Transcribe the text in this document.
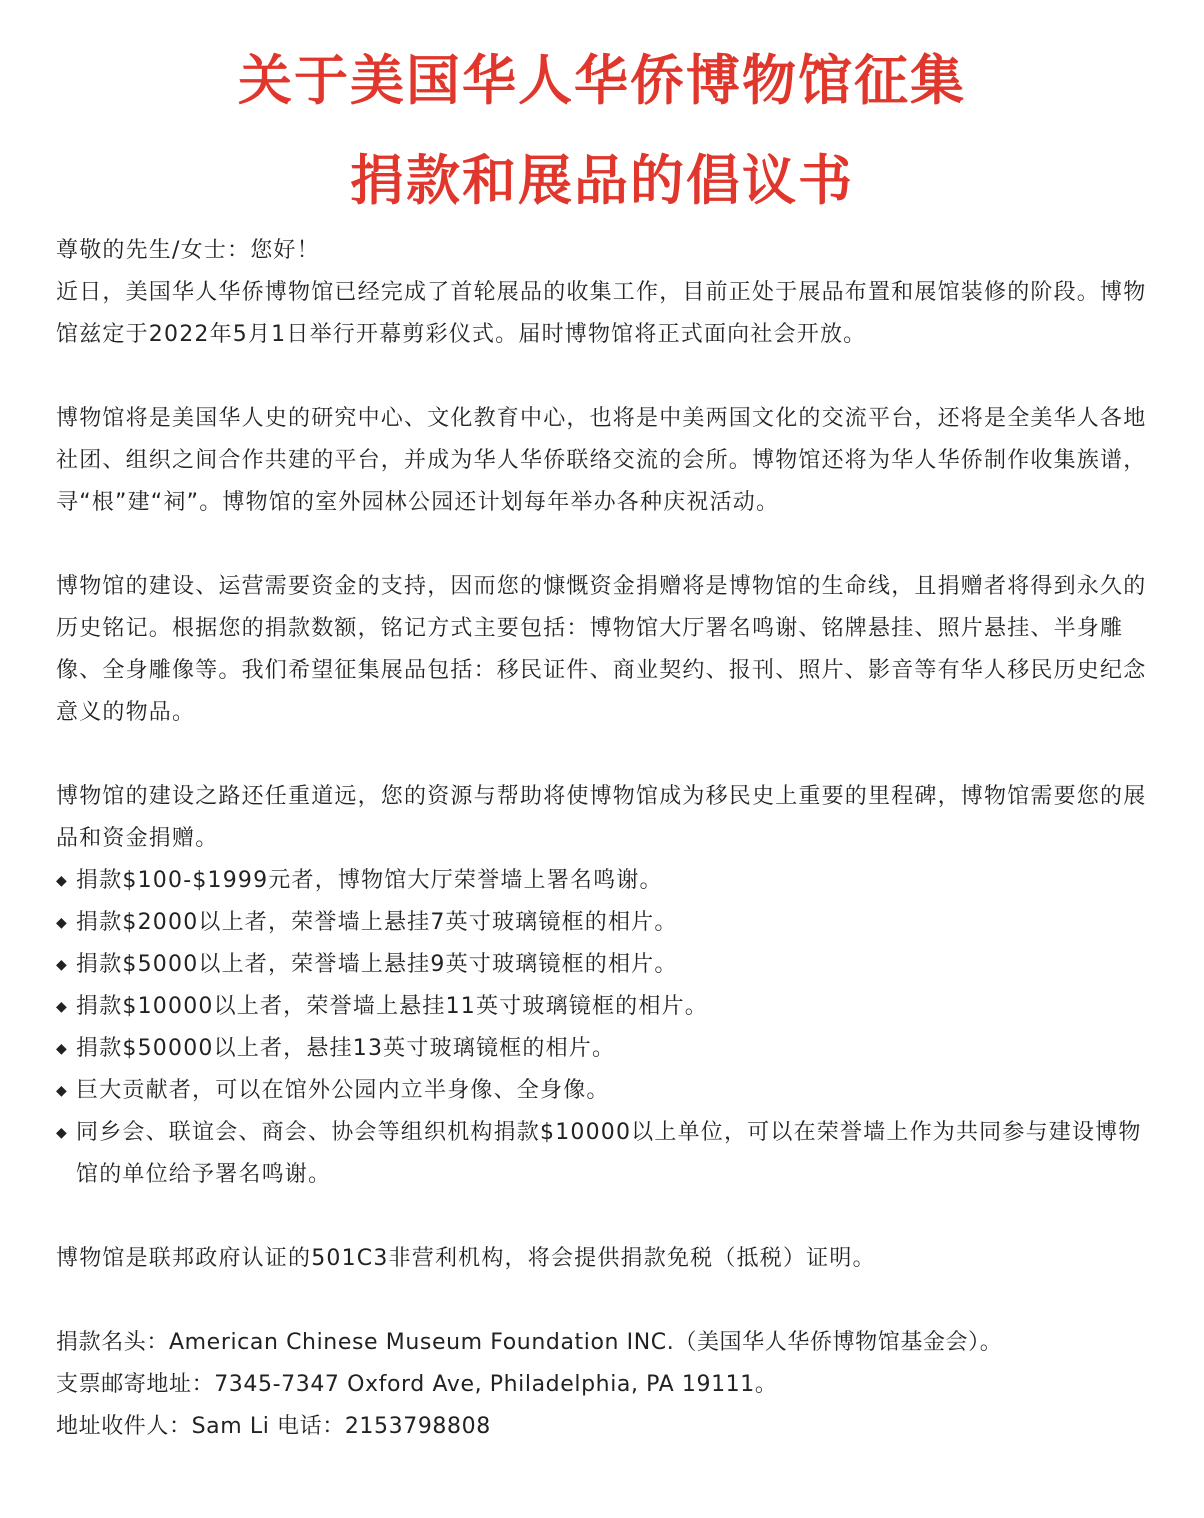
关于美国华人华侨博物馆征集
捐款和展品的倡议书

尊敬的先生/女士：您好！

近日，美国华人华侨博物馆已经完成了首轮展品的收集工作，目前正处于展品布置和展馆装修的阶段。博物馆兹定于2022年5月1日举行开幕剪彩仪式。届时博物馆将正式面向社会开放。

博物馆将是美国华人史的研究中心、文化教育中心，也将是中美两国文化的交流平台，还将是全美华人各地社团、组织之间合作共建的平台，并成为华人华侨联络交流的会所。博物馆还将为华人华侨制作收集族谱，寻“根”建“祠”。博物馆的室外园林公园还计划每年举办各种庆祝活动。

博物馆的建设、运营需要资金的支持，因而您的慷慨资金捐赠将是博物馆的生命线，且捐赠者将得到永久的历史铭记。根据您的捐款数额，铭记方式主要包括：博物馆大厅署名鸣谢、铭牌悬挂、照片悬挂、半身雕像、全身雕像等。我们希望征集展品包括：移民证件、商业契约、报刊、照片、影音等有华人移民历史纪念意义的物品。

博物馆的建设之路还任重道远，您的资源与帮助将使博物馆成为移民史上重要的里程碑，博物馆需要您的展品和资金捐赠。

◆ 捐款$100-$1999元者，博物馆大厅荣誉墙上署名鸣谢。
◆ 捐款$2000以上者，荣誉墙上悬挂7英寸玻璃镜框的相片。
◆ 捐款$5000以上者，荣誉墙上悬挂9英寸玻璃镜框的相片。
◆ 捐款$10000以上者，荣誉墙上悬挂11英寸玻璃镜框的相片。
◆ 捐款$50000以上者，悬挂13英寸玻璃镜框的相片。
◆ 巨大贡献者，可以在馆外公园内立半身像、全身像。
◆ 同乡会、联谊会、商会、协会等组织机构捐款$10000以上单位，可以在荣誉墙上作为共同参与建设博物馆的单位给予署名鸣谢。

博物馆是联邦政府认证的501C3非营利机构，将会提供捐款免税（抵税）证明。

捐款名头：American Chinese Museum Foundation INC.（美国华人华侨博物馆基金会）。

支票邮寄地址：7345-7347 Oxford Ave, Philadelphia, PA 19111。

地址收件人：Sam Li 电话：2153798808
